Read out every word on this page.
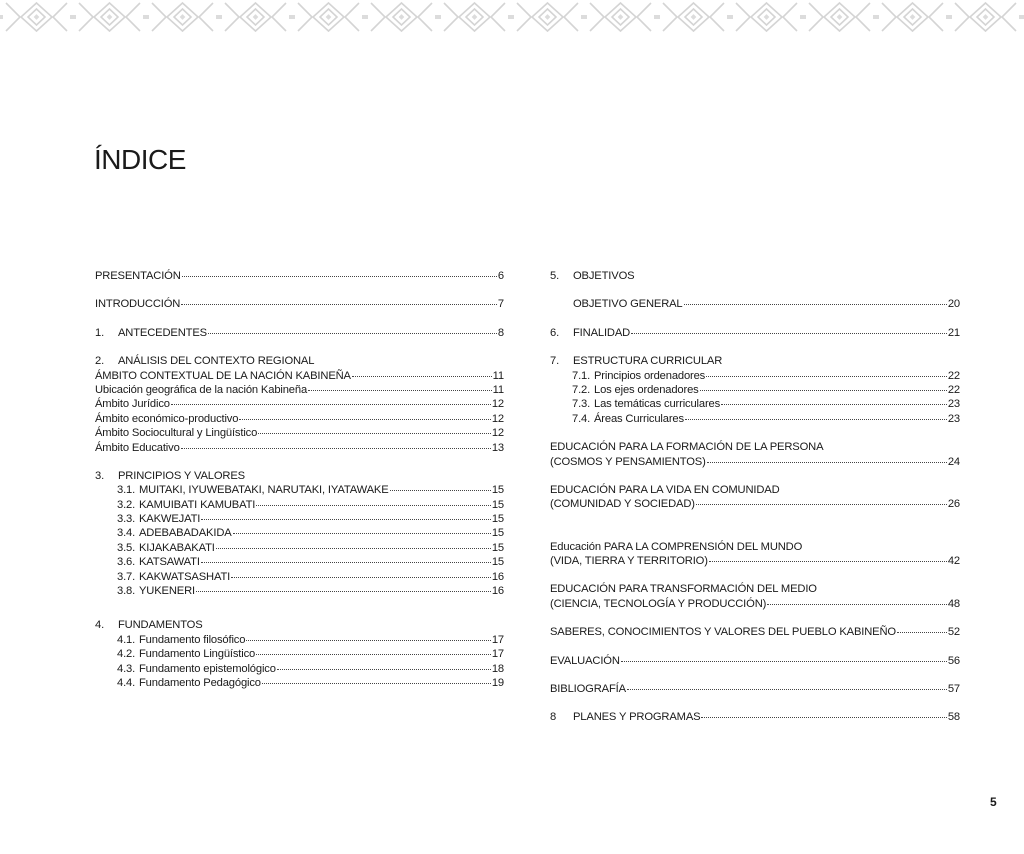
ÍNDICE
PRESENTACIÓN	6
INTRODUCCIÓN	7
1.	ANTECEDENTES	8
2.	ANÁLISIS DEL CONTEXTO REGIONAL
ÁMBITO CONTEXTUAL DE LA NACIÓN KABINEÑA	11
Ubicación geográfica de la nación Kabineña	11
Ámbito Jurídico	12
Ámbito económico-productivo	12
Ámbito Sociocultural y Lingüístico	12
Ámbito Educativo	13
3.	PRINCIPIOS Y VALORES
3.1. MUITAKI, IYUWEBATAKI, NARUTAKI, IYATAWAKE	15
3.2. KAMUIBATI KAMUBATI	15
3.3. KAKWEJATI	15
3.4. ADEBABADAKIDA	15
3.5. KIJAKABAKATI	15
3.6. KATSAWATI	15
3.7. KAKWATSASHATI	16
3.8. YUKENERI	16
4.	FUNDAMENTOS
4.1. Fundamento filosófico	17
4.2. Fundamento Lingüístico	17
4.3. Fundamento epistemológico	18
4.4. Fundamento Pedagógico	19
5.	OBJETIVOS
OBJETIVO GENERAL	20
6.	FINALIDAD	21
7.	ESTRUCTURA CURRICULAR
7.1. Principios ordenadores	22
7.2. Los ejes ordenadores	22
7.3. Las temáticas curriculares	23
7.4. Áreas Curriculares	23
EDUCACIÓN PARA LA FORMACIÓN DE LA PERSONA
(COSMOS Y PENSAMIENTOS)	24
EDUCACIÓN PARA LA VIDA EN COMUNIDAD
(COMUNIDAD Y SOCIEDAD)	26
Educación PARA LA COMPRENSIÓN DEL MUNDO
(VIDA, TIERRA Y TERRITORIO)	42
EDUCACIÓN PARA TRANSFORMACIÓN DEL MEDIO
(CIENCIA, TECNOLOGÍA Y PRODUCCIÓN)	48
SABERES, CONOCIMIENTOS Y VALORES DEL PUEBLO KABINEÑO	52
EVALUACIÓN	56
BIBLIOGRAFÍA	57
8	PLANES Y PROGRAMAS	58
5
